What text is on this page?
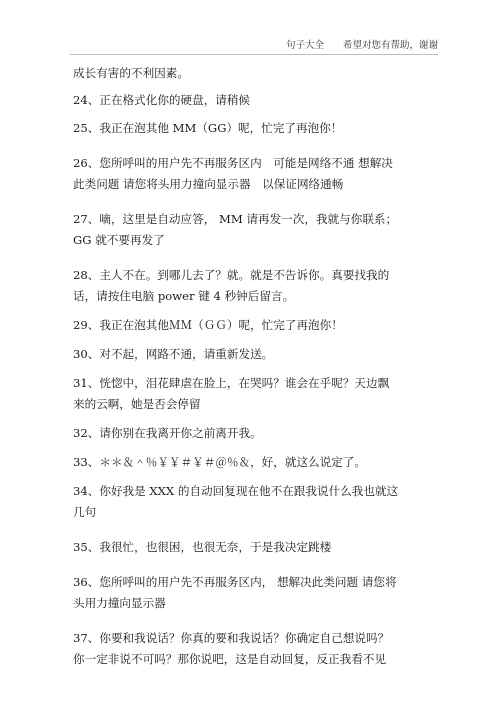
句子大全 希望对您有帮助，谢谢
成长有害的不利因素。
24、正在格式化你的硬盘，请稍候
25、我正在泡其他 MM（GG）呢，忙完了再泡你！
26、您所呼叫的用户先不再服务区内　可能是网络不通 想解决
此类问题 请您将头用力撞向显示器　以保证网络通畅
27、嘀，这里是自动应答， MM 请再发一次，我就与你联系；
GG 就不要再发了
28、主人不在。到哪儿去了？就。就是不告诉你。真要找我的
话，请按住电脑 power 键 4 秒钟后留言。
29、我正在泡其他ＭＭ（ＧＧ）呢，忙完了再泡你！
30、对不起，网路不通，请重新发送。
31、恍惚中，泪花肆虐在脸上，在哭吗？谁会在乎呢？天边飘
来的云啊，她是否会停留
32、请你别在我离开你之前离开我。
33、＊＊＆＾％￥￥＃￥＃＠％＆，好，就这么说定了。
34、你好我是 XXX 的自动回复现在他不在跟我说什么我也就这
几句
35、我很忙，也很困，也很无奈，于是我决定跳楼
36、您所呼叫的用户先不再服务区内， 想解决此类问题 请您将
头用力撞向显示器
37、你要和我说话？你真的要和我说话？你确定自己想说吗？
你一定非说不可吗？那你说吧，这是自动回复，反正我看不见
